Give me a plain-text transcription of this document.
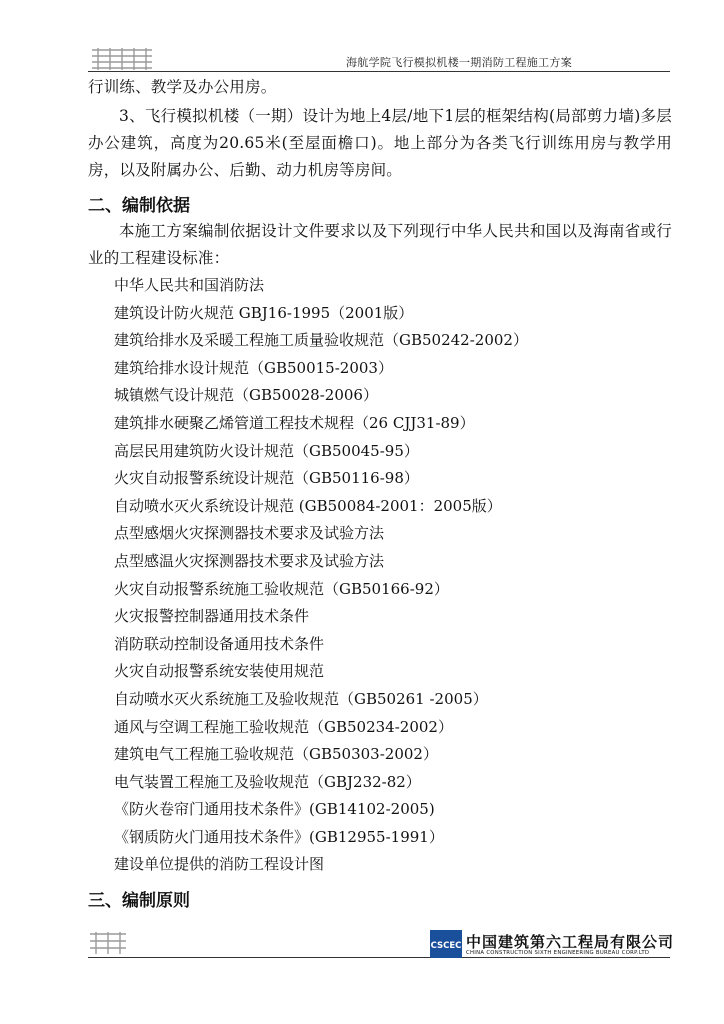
海航学院飞行模拟机楼一期消防工程施工方案

行训练、教学及办公用房。

3、飞行模拟机楼（一期）设计为地上4层/地下1层的框架结构(局部剪力墙)多层办公建筑，高度为20.65米(至屋面檐口)。地上部分为各类飞行训练用房与教学用房，以及附属办公、后勤、动力机房等房间。

二、编制依据

本施工方案编制依据设计文件要求以及下列现行中华人民共和国以及海南省或行业的工程建设标准：

中华人民共和国消防法
建筑设计防火规范 GBJ16-1995（2001版）
建筑给排水及采暖工程施工质量验收规范（GB50242-2002）
建筑给排水设计规范（GB50015-2003）
城镇燃气设计规范（GB50028-2006）
建筑排水硬聚乙烯管道工程技术规程（26 CJJ31-89）
高层民用建筑防火设计规范（GB50045-95）
火灾自动报警系统设计规范（GB50116-98）
自动喷水灭火系统设计规范 (GB50084-2001：2005版）
点型感烟火灾探测器技术要求及试验方法
点型感温火灾探测器技术要求及试验方法
火灾自动报警系统施工验收规范（GB50166-92）
火灾报警控制器通用技术条件
消防联动控制设备通用技术条件
火灾自动报警系统安装使用规范
自动喷水灭火系统施工及验收规范（GB50261 -2005）
通风与空调工程施工验收规范（GB50234-2002）
建筑电气工程施工验收规范（GB50303-2002）
电气装置工程施工及验收规范（GBJ232-82）
《防火卷帘门通用技术条件》(GB14102-2005)
《钢质防火门通用技术条件》(GB12955-1991）
建设单位提供的消防工程设计图
三、编制原则
CSCEC 中国建筑第六工程局有限公司
CHINA CONSTRUCTION SIXTH ENGINEERING BUREAU CORP.LTD
